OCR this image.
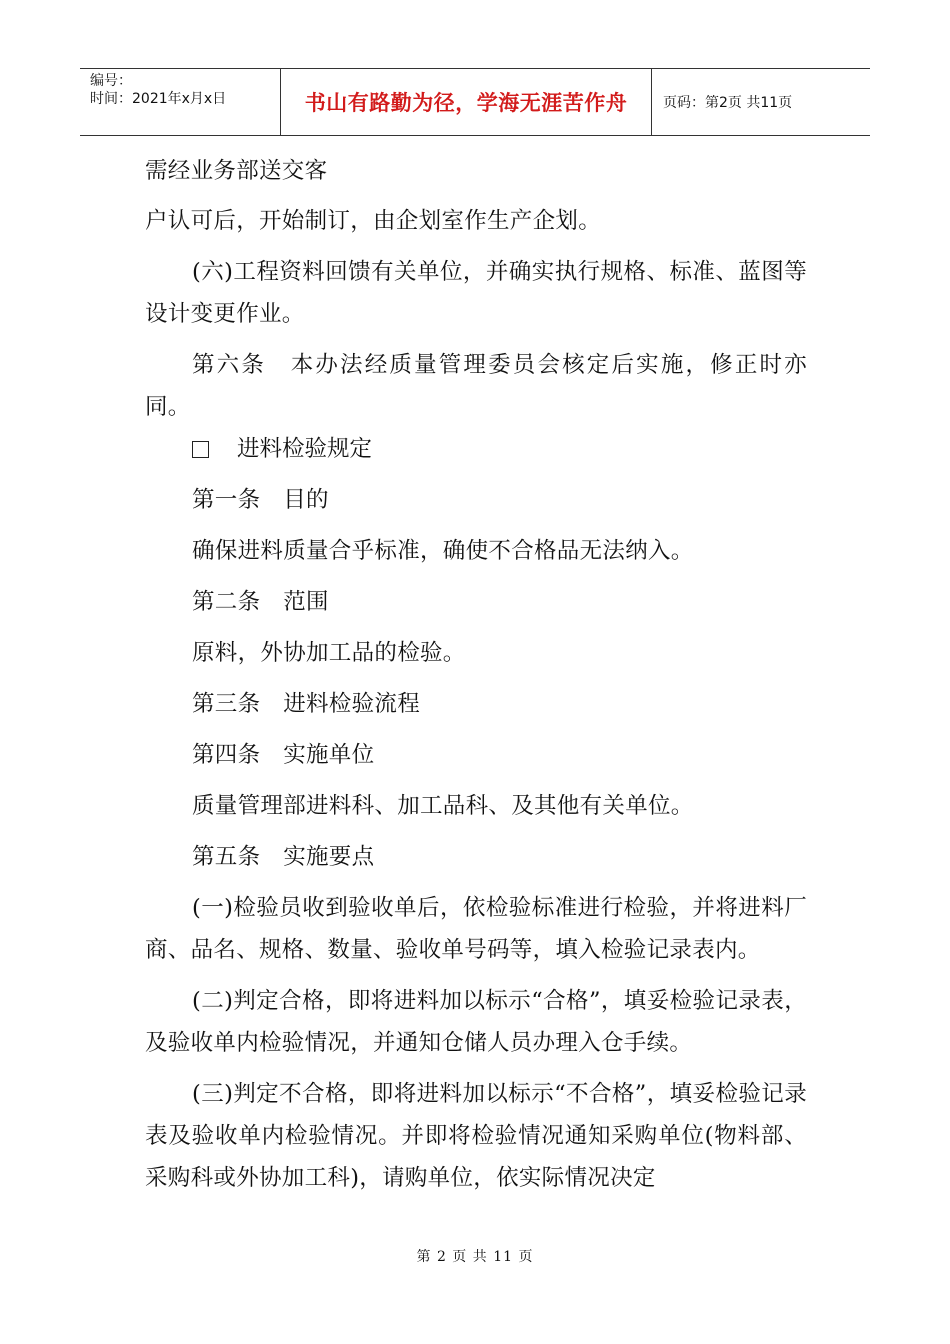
编号：
时间：2021年x月x日	书山有路勤为径，学海无涯苦作舟	页码：第2页 共11页

需经业务部送交客

户认可后，开始制订，由企划室作生产企划。

(六)工程资料回馈有关单位，并确实执行规格、标准、蓝图等设计变更作业。

第六条　本办法经质量管理委员会核定后实施，修正时亦同。

进料检验规定

第一条　目的

确保进料质量合乎标准，确使不合格品无法纳入。

第二条　范围

原料，外协加工品的检验。

第三条　进料检验流程

第四条　实施单位

质量管理部进料科、加工品科、及其他有关单位。

第五条　实施要点

(一)检验员收到验收单后，依检验标准进行检验，并将进料厂商、品名、规格、数量、验收单号码等，填入检验记录表内。

(二)判定合格，即将进料加以标示“合格”，填妥检验记录表，及验收单内检验情况，并通知仓储人员办理入仓手续。

(三)判定不合格，即将进料加以标示“不合格”，填妥检验记录表及验收单内检验情况。并即将检验情况通知采购单位(物料部、采购科或外协加工科)，请购单位，依实际情况决定

第 2 页 共 11 页
